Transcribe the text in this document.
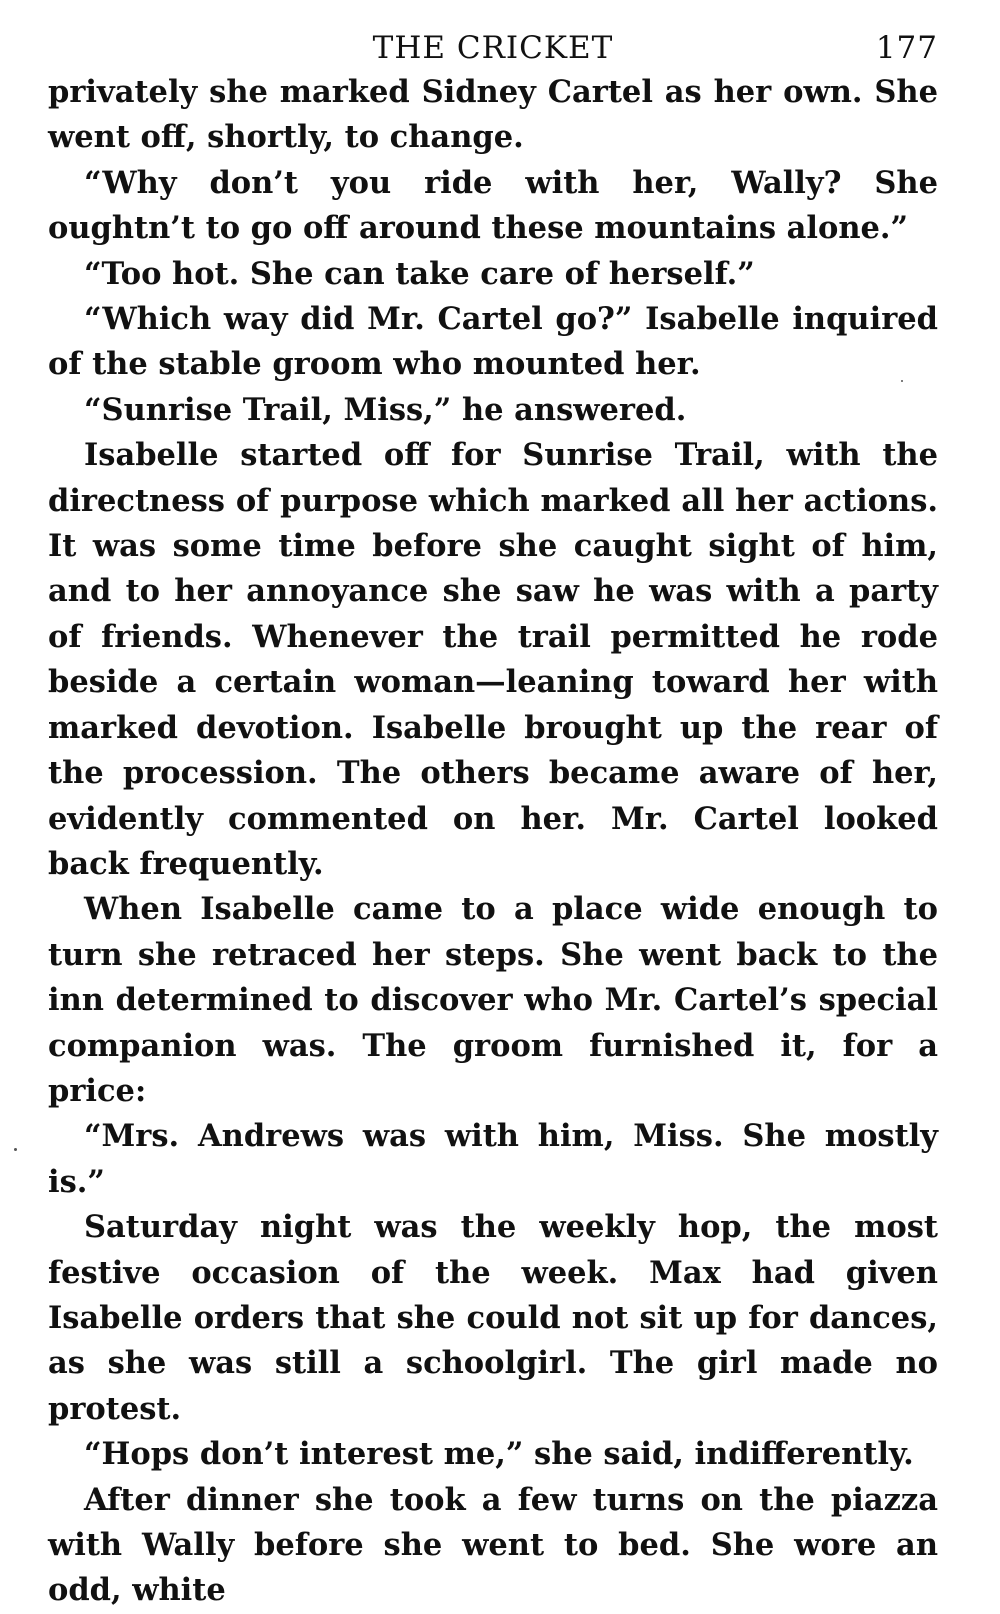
THE CRICKET	177

privately she marked Sidney Cartel as her own. She went off, shortly, to change.

“Why don’t you ride with her, Wally? She oughtn’t to go off around these mountains alone.”

“Too hot. She can take care of herself.”

“Which way did Mr. Cartel go?” Isabelle inquired of the stable groom who mounted her.

“Sunrise Trail, Miss,” he answered.

Isabelle started off for Sunrise Trail, with the directness of purpose which marked all her actions. It was some time before she caught sight of him, and to her annoyance she saw he was with a party of friends. Whenever the trail permitted he rode beside a certain woman—leaning toward her with marked devotion. Isabelle brought up the rear of the procession. The others became aware of her, evidently commented on her. Mr. Cartel looked back frequently.

When Isabelle came to a place wide enough to turn she retraced her steps. She went back to the inn determined to discover who Mr. Cartel’s special companion was. The groom furnished it, for a price:

“Mrs. Andrews was with him, Miss. She mostly is.”

Saturday night was the weekly hop, the most festive occasion of the week. Max had given Isabelle orders that she could not sit up for dances, as she was still a schoolgirl. The girl made no protest.

“Hops don’t interest me,” she said, indifferently.

After dinner she took a few turns on the piazza with Wally before she went to bed. She wore an odd, white
